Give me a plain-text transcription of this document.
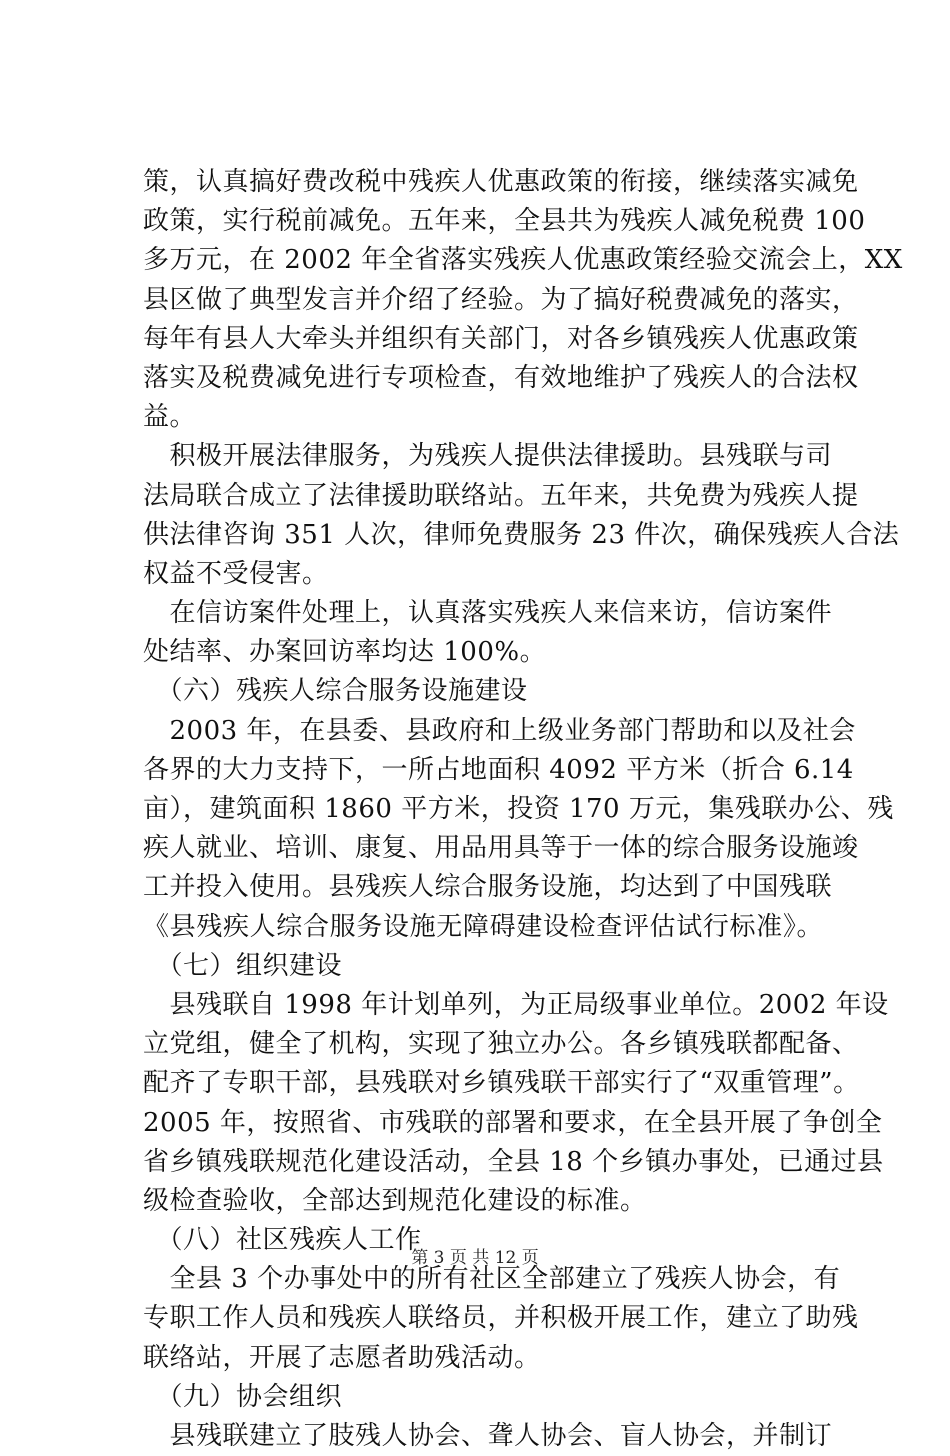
策，认真搞好费改税中残疾人优惠政策的衔接，继续落实减免
政策，实行税前减免。五年来，全县共为残疾人减免税费 100
多万元，在 2002 年全省落实残疾人优惠政策经验交流会上，XX
县区做了典型发言并介绍了经验。为了搞好税费减免的落实，
每年有县人大牵头并组织有关部门，对各乡镇残疾人优惠政策
落实及税费减免进行专项检查，有效地维护了残疾人的合法权
益。
　积极开展法律服务，为残疾人提供法律援助。县残联与司
法局联合成立了法律援助联络站。五年来，共免费为残疾人提
供法律咨询 351 人次，律师免费服务 23 件次，确保残疾人合法
权益不受侵害。
　在信访案件处理上，认真落实残疾人来信来访，信访案件
处结率、办案回访率均达 100%。
　（六）残疾人综合服务设施建设
　2003 年，在县委、县政府和上级业务部门帮助和以及社会
各界的大力支持下，一所占地面积 4092 平方米（折合 6.14
亩），建筑面积 1860 平方米，投资 170 万元，集残联办公、残
疾人就业、培训、康复、用品用具等于一体的综合服务设施竣
工并投入使用。县残疾人综合服务设施，均达到了中国残联
《县残疾人综合服务设施无障碍建设检查评估试行标准》。
　（七）组织建设
　县残联自 1998 年计划单列，为正局级事业单位。2002 年设
立党组，健全了机构，实现了独立办公。各乡镇残联都配备、
配齐了专职干部，县残联对乡镇残联干部实行了“双重管理”。
2005 年，按照省、市残联的部署和要求，在全县开展了争创全
省乡镇残联规范化建设活动，全县 18 个乡镇办事处，已通过县
级检查验收，全部达到规范化建设的标准。
　（八）社区残疾人工作
　全县 3 个办事处中的所有社区全部建立了残疾人协会，有
专职工作人员和残疾人联络员，并积极开展工作，建立了助残
联络站，开展了志愿者助残活动。
　（九）协会组织
　县残联建立了肢残人协会、聋人协会、盲人协会，并制订
第 3 页 共 12 页
